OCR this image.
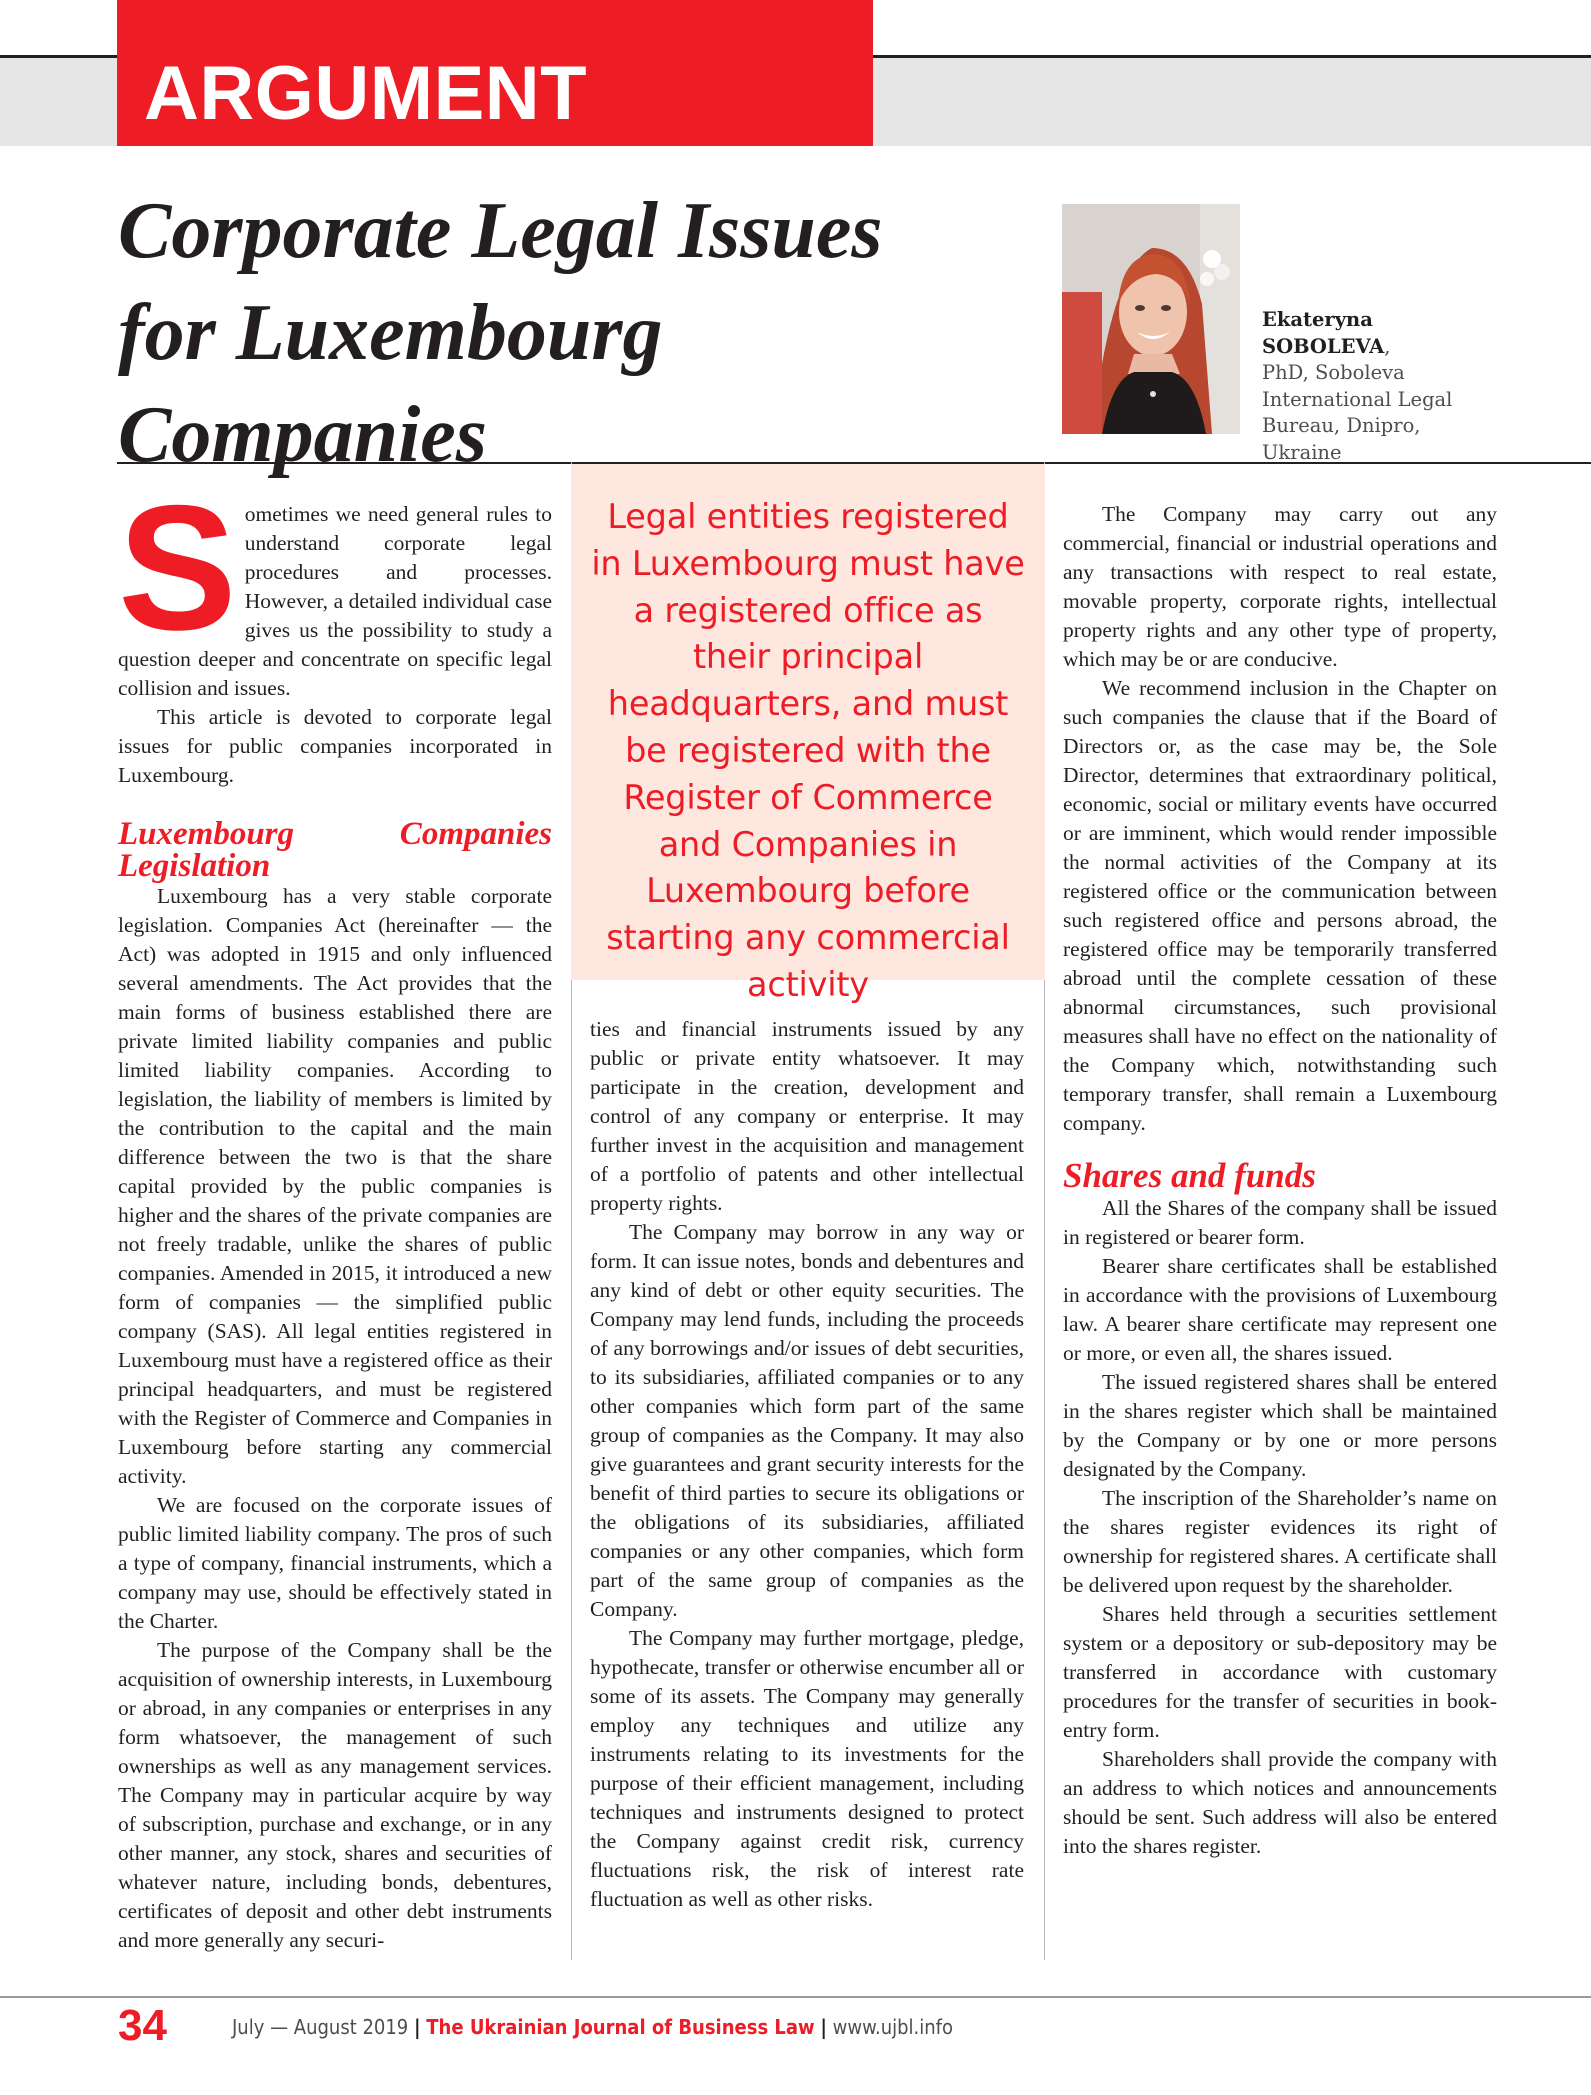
ARGUMENT
Corporate Legal Issues
for Luxembourg
Companies
Ekateryna SOBOLEVA,
PhD, Soboleva International Legal Bureau, Dnipro, Ukraine

Sometimes we need general rules to understand corporate legal procedures and processes. However, a detailed individual case gives us the possibility to study a question deeper and concentrate on specific legal collision and issues.

This article is devoted to corporate legal issues for public companies incorporated in Luxembourg.

Luxembourg Companies Legislation

Luxembourg has a very stable corporate legislation. Companies Act (hereinafter — the Act) was adopted in 1915 and only influenced several amendments. The Act provides that the main forms of business established there are private limited liability companies and public limited liability companies. According to legislation, the liability of members is limited by the contribution to the capital and the main difference between the two is that the share capital provided by the public companies is higher and the shares of the private companies are not freely tradable, unlike the shares of public companies. Amended in 2015, it introduced a new form of companies — the simplified public company (SAS). All legal entities registered in Luxembourg must have a registered office as their principal headquarters, and must be registered with the Register of Commerce and Companies in Luxembourg before starting any commercial activity.

We are focused on the corporate issues of public limited liability company. The pros of such a type of company, financial instruments, which a company may use, should be effectively stated in the Charter.

The purpose of the Company shall be the acquisition of ownership interests, in Luxembourg or abroad, in any companies or enterprises in any form whatsoever, the management of such ownerships as well as any management services. The Company may in particular acquire by way of subscription, purchase and exchange, or in any other manner, any stock, shares and securities of whatever nature, including bonds, debentures, certificates of deposit and other debt instruments and more generally any securi-

Legal entities registered in Luxembourg must have a registered office as their principal headquarters, and must be registered with the Register of Commerce and Companies in Luxembourg before starting any commercial activity

ties and financial instruments issued by any public or private entity whatsoever. It may participate in the creation, development and control of any company or enterprise. It may further invest in the acquisition and management of a portfolio of patents and other intellectual property rights.

The Company may borrow in any way or form. It can issue notes, bonds and debentures and any kind of debt or other equity securities. The Company may lend funds, including the proceeds of any borrowings and/or issues of debt securities, to its subsidiaries, affiliated companies or to any other companies which form part of the same group of companies as the Company. It may also give guarantees and grant security interests for the benefit of third parties to secure its obligations or the obligations of its subsidiaries, affiliated companies or any other companies, which form part of the same group of companies as the Company.

The Company may further mortgage, pledge, hypothecate, transfer or otherwise encumber all or some of its assets. The Company may generally employ any techniques and utilize any instruments relating to its investments for the purpose of their efficient management, including techniques and instruments designed to protect the Company against credit risk, currency fluctuations risk, the risk of interest rate fluctuation as well as other risks.

The Company may carry out any commercial, financial or industrial operations and any transactions with respect to real estate, movable property, corporate rights, intellectual property rights and any other type of property, which may be or are conducive.

We recommend inclusion in the Chapter on such companies the clause that if the Board of Directors or, as the case may be, the Sole Director, determines that extraordinary political, economic, social or military events have occurred or are imminent, which would render impossible the normal activities of the Company at its registered office or the communication between such registered office and persons abroad, the registered office may be temporarily transferred abroad until the complete cessation of these abnormal circumstances, such provisional measures shall have no effect on the nationality of the Company which, notwithstanding such temporary transfer, shall remain a Luxembourg company.

Shares and funds

All the Shares of the company shall be issued in registered or bearer form.

Bearer share certificates shall be established in accordance with the provisions of Luxembourg law. A bearer share certificate may represent one or more, or even all, the shares issued.

The issued registered shares shall be entered in the shares register which shall be maintained by the Company or by one or more persons designated by the Company.

The inscription of the Shareholder’s name on the shares register evidences its right of ownership for registered shares. A certificate shall be delivered upon request by the shareholder.

Shares held through a securities settlement system or a depository or sub-depository may be transferred in accordance with customary procedures for the transfer of securities in book-entry form.

Shareholders shall provide the company with an address to which notices and announcements should be sent. Such address will also be entered into the shares register.

34	July — August 2019 | The Ukrainian Journal of Business Law | www.ujbl.info
